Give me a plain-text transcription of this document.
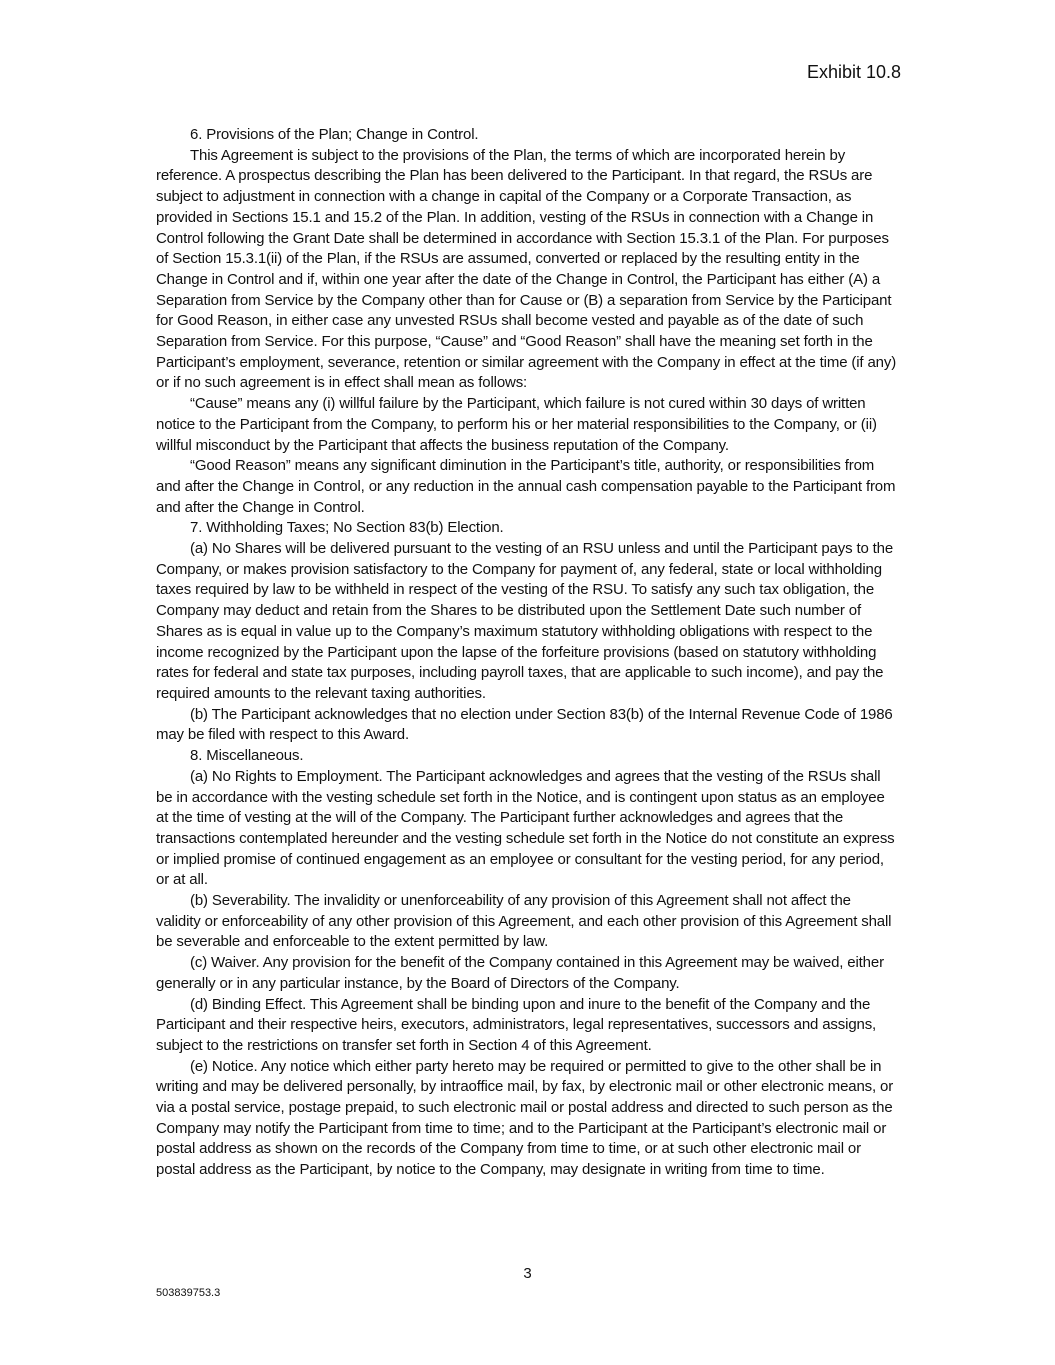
Exhibit 10.8

6. Provisions of the Plan; Change in Control.

This Agreement is subject to the provisions of the Plan, the terms of which are incorporated herein by reference. A prospectus describing the Plan has been delivered to the Participant. In that regard, the RSUs are subject to adjustment in connection with a change in capital of the Company or a Corporate Transaction, as provided in Sections 15.1 and 15.2 of the Plan. In addition, vesting of the RSUs in connection with a Change in Control following the Grant Date shall be determined in accordance with Section 15.3.1 of the Plan. For purposes of Section 15.3.1(ii) of the Plan, if the RSUs are assumed, converted or replaced by the resulting entity in the Change in Control and if, within one year after the date of the Change in Control, the Participant has either (A) a Separation from Service by the Company other than for Cause or (B) a separation from Service by the Participant for Good Reason, in either case any unvested RSUs shall become vested and payable as of the date of such Separation from Service. For this purpose, “Cause” and “Good Reason” shall have the meaning set forth in the Participant’s employment, severance, retention or similar agreement with the Company in effect at the time (if any) or if no such agreement is in effect shall mean as follows:

“Cause” means any (i) willful failure by the Participant, which failure is not cured within 30 days of written notice to the Participant from the Company, to perform his or her material responsibilities to the Company, or (ii) willful misconduct by the Participant that affects the business reputation of the Company.

“Good Reason” means any significant diminution in the Participant’s title, authority, or responsibilities from and after the Change in Control, or any reduction in the annual cash compensation payable to the Participant from and after the Change in Control.

7. Withholding Taxes; No Section 83(b) Election.

(a) No Shares will be delivered pursuant to the vesting of an RSU unless and until the Participant pays to the Company, or makes provision satisfactory to the Company for payment of, any federal, state or local withholding taxes required by law to be withheld in respect of the vesting of the RSU. To satisfy any such tax obligation, the Company may deduct and retain from the Shares to be distributed upon the Settlement Date such number of Shares as is equal in value up to the Company’s maximum statutory withholding obligations with respect to the income recognized by the Participant upon the lapse of the forfeiture provisions (based on statutory withholding rates for federal and state tax purposes, including payroll taxes, that are applicable to such income), and pay the required amounts to the relevant taxing authorities.

(b) The Participant acknowledges that no election under Section 83(b) of the Internal Revenue Code of 1986 may be filed with respect to this Award.

8. Miscellaneous.

(a) No Rights to Employment. The Participant acknowledges and agrees that the vesting of the RSUs shall be in accordance with the vesting schedule set forth in the Notice, and is contingent upon status as an employee at the time of vesting at the will of the Company. The Participant further acknowledges and agrees that the transactions contemplated hereunder and the vesting schedule set forth in the Notice do not constitute an express or implied promise of continued engagement as an employee or consultant for the vesting period, for any period, or at all.

(b) Severability. The invalidity or unenforceability of any provision of this Agreement shall not affect the validity or enforceability of any other provision of this Agreement, and each other provision of this Agreement shall be severable and enforceable to the extent permitted by law.

(c) Waiver. Any provision for the benefit of the Company contained in this Agreement may be waived, either generally or in any particular instance, by the Board of Directors of the Company.

(d) Binding Effect. This Agreement shall be binding upon and inure to the benefit of the Company and the Participant and their respective heirs, executors, administrators, legal representatives, successors and assigns, subject to the restrictions on transfer set forth in Section 4 of this Agreement.

(e) Notice. Any notice which either party hereto may be required or permitted to give to the other shall be in writing and may be delivered personally, by intraoffice mail, by fax, by electronic mail or other electronic means, or via a postal service, postage prepaid, to such electronic mail or postal address and directed to such person as the Company may notify the Participant from time to time; and to the Participant at the Participant’s electronic mail or postal address as shown on the records of the Company from time to time, or at such other electronic mail or postal address as the Participant, by notice to the Company, may designate in writing from time to time.

3
503839753.3
